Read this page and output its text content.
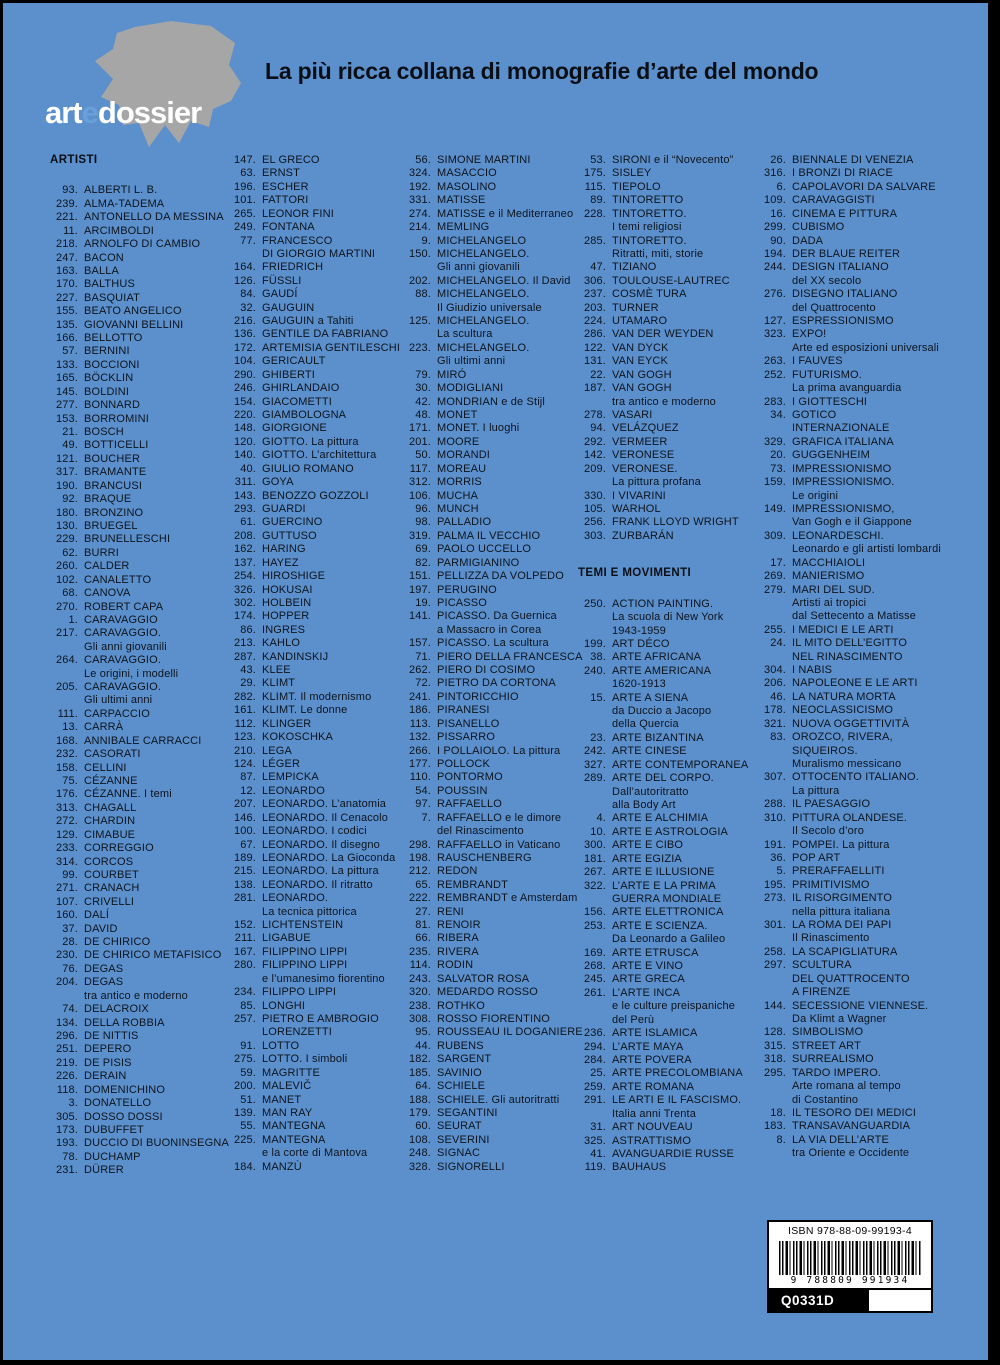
artedossier
La più ricca collana di monografie d’arte del mondo
ARTISTI
93. ALBERTI L. B.
239. ALMA-TADEMA
221. ANTONELLO DA MESSINA
11. ARCIMBOLDI
218. ARNOLFO DI CAMBIO
247. BACON
163. BALLA
170. BALTHUS
227. BASQUIAT
155. BEATO ANGELICO
135. GIOVANNI BELLINI
166. BELLOTTO
57. BERNINI
133. BOCCIONI
165. BÖCKLIN
145. BOLDINI
277. BONNARD
153. BORROMINI
21. BOSCH
49. BOTTICELLI
121. BOUCHER
317. BRAMANTE
190. BRANCUSI
92. BRAQUE
180. BRONZINO
130. BRUEGEL
229. BRUNELLESCHI
62. BURRI
260. CALDER
102. CANALETTO
68. CANOVA
270. ROBERT CAPA
1. CARAVAGGIO
217. CARAVAGGIO.
Gli anni giovanili
264. CARAVAGGIO.
Le origini, i modelli
205. CARAVAGGIO.
Gli ultimi anni
111. CARPACCIO
13. CARRÀ
168. ANNIBALE CARRACCI
232. CASORATI
158. CELLINI
75. CÉZANNE
176. CÉZANNE. I temi
313. CHAGALL
272. CHARDIN
129. CIMABUE
233. CORREGGIO
314. CORCOS
99. COURBET
271. CRANACH
107. CRIVELLI
160. DALÍ
37. DAVID
28. DE CHIRICO
230. DE CHIRICO METAFISICO
76. DEGAS
204. DEGAS
tra antico e moderno
74. DELACROIX
134. DELLA ROBBIA
296. DE NITTIS
251. DEPERO
219. DE PISIS
226. DERAIN
118. DOMENICHINO
3. DONATELLO
305. DOSSO DOSSI
173. DUBUFFET
193. DUCCIO DI BUONINSEGNA
78. DUCHAMP
231. DÜRER
147. EL GRECO
63. ERNST
196. ESCHER
101. FATTORI
265. LEONOR FINI
249. FONTANA
77. FRANCESCO
DI GIORGIO MARTINI
164. FRIEDRICH
126. FÜSSLI
84. GAUDÍ
32. GAUGUIN
216. GAUGUIN a Tahiti
136. GENTILE DA FABRIANO
172. ARTEMISIA GENTILESCHI
104. GERICAULT
290. GHIBERTI
246. GHIRLANDAIO
154. GIACOMETTI
220. GIAMBOLOGNA
148. GIORGIONE
120. GIOTTO. La pittura
140. GIOTTO. L’architettura
40. GIULIO ROMANO
311. GOYA
143. BENOZZO GOZZOLI
293. GUARDI
61. GUERCINO
208. GUTTUSO
162. HARING
137. HAYEZ
254. HIROSHIGE
326. HOKUSAI
302. HOLBEIN
174. HOPPER
86. INGRES
213. KAHLO
287. KANDINSKIJ
43. KLEE
29. KLIMT
282. KLIMT. Il modernismo
161. KLIMT. Le donne
112. KLINGER
123. KOKOSCHKA
210. LEGA
124. LÉGER
87. LEMPICKA
12. LEONARDO
207. LEONARDO. L’anatomia
146. LEONARDO. Il Cenacolo
100. LEONARDO. I codici
67. LEONARDO. Il disegno
189. LEONARDO. La Gioconda
215. LEONARDO. La pittura
138. LEONARDO. Il ritratto
281. LEONARDO.
La tecnica pittorica
152. LICHTENSTEIN
211. LIGABUE
167. FILIPPINO LIPPI
280. FILIPPINO LIPPI
e l’umanesimo fiorentino
234. FILIPPO LIPPI
85. LONGHI
257. PIETRO E AMBROGIO
LORENZETTI
91. LOTTO
275. LOTTO. I simboli
59. MAGRITTE
200. MALEVIČ
51. MANET
139. MAN RAY
55. MANTEGNA
225. MANTEGNA
e la corte di Mantova
184. MANZÙ
56. SIMONE MARTINI
324. MASACCIO
192. MASOLINO
331. MATISSE
274. MATISSE e il Mediterraneo
214. MEMLING
9. MICHELANGELO
150. MICHELANGELO.
Gli anni giovanili
202. MICHELANGELO. Il David
88. MICHELANGELO.
Il Giudizio universale
125. MICHELANGELO.
La scultura
223. MICHELANGELO.
Gli ultimi anni
79. MIRÓ
30. MODIGLIANI
42. MONDRIAN e de Stijl
48. MONET
171. MONET. I luoghi
201. MOORE
50. MORANDI
117. MOREAU
312. MORRIS
106. MUCHA
96. MUNCH
98. PALLADIO
319. PALMA IL VECCHIO
69. PAOLO UCCELLO
82. PARMIGIANINO
151. PELLIZZA DA VOLPEDO
197. PERUGINO
19. PICASSO
141. PICASSO. Da Guernica
a Massacro in Corea
157. PICASSO. La scultura
71. PIERO DELLA FRANCESCA
262. PIERO DI COSIMO
72. PIETRO DA CORTONA
241. PINTORICCHIO
186. PIRANESI
113. PISANELLO
132. PISSARRO
266. I POLLAIOLO. La pittura
177. POLLOCK
110. PONTORMO
54. POUSSIN
97. RAFFAELLO
7. RAFFAELLO e le dimore
del Rinascimento
298. RAFFAELLO in Vaticano
198. RAUSCHENBERG
212. REDON
65. REMBRANDT
222. REMBRANDT e Amsterdam
27. RENI
81. RENOIR
66. RIBERA
235. RIVERA
114. RODIN
243. SALVATOR ROSA
320. MEDARDO ROSSO
238. ROTHKO
308. ROSSO FIORENTINO
95. ROUSSEAU IL DOGANIERE
44. RUBENS
182. SARGENT
185. SAVINIO
64. SCHIELE
188. SCHIELE. Gli autoritratti
179. SEGANTINI
60. SEURAT
108. SEVERINI
248. SIGNAC
328. SIGNORELLI
53. SIRONI e il “Novecento”
175. SISLEY
115. TIEPOLO
89. TINTORETTO
228. TINTORETTO.
I temi religiosi
285. TINTORETTO.
Ritratti, miti, storie
47. TIZIANO
306. TOULOUSE-LAUTREC
237. COSMÈ TURA
203. TURNER
224. UTAMARO
286. VAN DER WEYDEN
122. VAN DYCK
131. VAN EYCK
22. VAN GOGH
187. VAN GOGH
tra antico e moderno
278. VASARI
94. VELÁZQUEZ
292. VERMEER
142. VERONESE
209. VERONESE.
La pittura profana
330. I VIVARINI
105. WARHOL
256. FRANK LLOYD WRIGHT
303. ZURBARÁN
TEMI E MOVIMENTI
250. ACTION PAINTING.
La scuola di New York
1943-1959
199. ART DÉCO
38. ARTE AFRICANA
240. ARTE AMERICANA
1620-1913
15. ARTE A SIENA
da Duccio a Jacopo
della Quercia
23. ARTE BIZANTINA
242. ARTE CINESE
327. ARTE CONTEMPORANEA
289. ARTE DEL CORPO.
Dall’autoritratto
alla Body Art
4. ARTE E ALCHIMIA
10. ARTE E ASTROLOGIA
300. ARTE E CIBO
181. ARTE EGIZIA
267. ARTE E ILLUSIONE
322. L’ARTE E LA PRIMA
GUERRA MONDIALE
156. ARTE ELETTRONICA
253. ARTE E SCIENZA.
Da Leonardo a Galileo
169. ARTE ETRUSCA
268. ARTE E VINO
245. ARTE GRECA
261. L’ARTE INCA
e le culture preispaniche
del Perù
236. ARTE ISLAMICA
294. L’ARTE MAYA
284. ARTE POVERA
25. ARTE PRECOLOMBIANA
259. ARTE ROMANA
291. LE ARTI E IL FASCISMO.
Italia anni Trenta
31. ART NOUVEAU
325. ASTRATTISMO
41. AVANGUARDIE RUSSE
119. BAUHAUS
26. BIENNALE DI VENEZIA
316. I BRONZI DI RIACE
6. CAPOLAVORI DA SALVARE
109. CARAVAGGISTI
16. CINEMA E PITTURA
299. CUBISMO
90. DADA
194. DER BLAUE REITER
244. DESIGN ITALIANO
del XX secolo
276. DISEGNO ITALIANO
del Quattrocento
127. ESPRESSIONISMO
323. EXPO!
Arte ed esposizioni universali
263. I FAUVES
252. FUTURISMO.
La prima avanguardia
283. I GIOTTESCHI
34. GOTICO
INTERNAZIONALE
329. GRAFICA ITALIANA
20. GUGGENHEIM
73. IMPRESSIONISMO
159. IMPRESSIONISMO.
Le origini
149. IMPRESSIONISMO,
Van Gogh e il Giappone
309. LEONARDESCHI.
Leonardo e gli artisti lombardi
17. MACCHIAIOLI
269. MANIERISMO
279. MARI DEL SUD.
Artisti ai tropici
dal Settecento a Matisse
255. I MEDICI E LE ARTI
24. IL MITO DELL’EGITTO
NEL RINASCIMENTO
304. I NABIS
206. NAPOLEONE E LE ARTI
46. LA NATURA MORTA
178. NEOCLASSICISMO
321. NUOVA OGGETTIVITÀ
83. OROZCO, RIVERA,
SIQUEIROS.
Muralismo messicano
307. OTTOCENTO ITALIANO.
La pittura
288. IL PAESAGGIO
310. PITTURA OLANDESE.
Il Secolo d’oro
191. POMPEI. La pittura
36. POP ART
5. PRERAFFAELLITI
195. PRIMITIVISMO
273. IL RISORGIMENTO
nella pittura italiana
301. LA ROMA DEI PAPI
Il Rinascimento
258. LA SCAPIGLIATURA
297. SCULTURA
DEL QUATTROCENTO
A FIRENZE
144. SECESSIONE VIENNESE.
Da Klimt a Wagner
128. SIMBOLISMO
315. STREET ART
318. SURREALISMO
295. TARDO IMPERO.
Arte romana al tempo
di Costantino
18. IL TESORO DEI MEDICI
183. TRANSAVANGUARDIA
8. LA VIA DELL’ARTE
tra Oriente e Occidente
ISBN 978-88-09-99193-4
9 788809 991934
Q0331D
